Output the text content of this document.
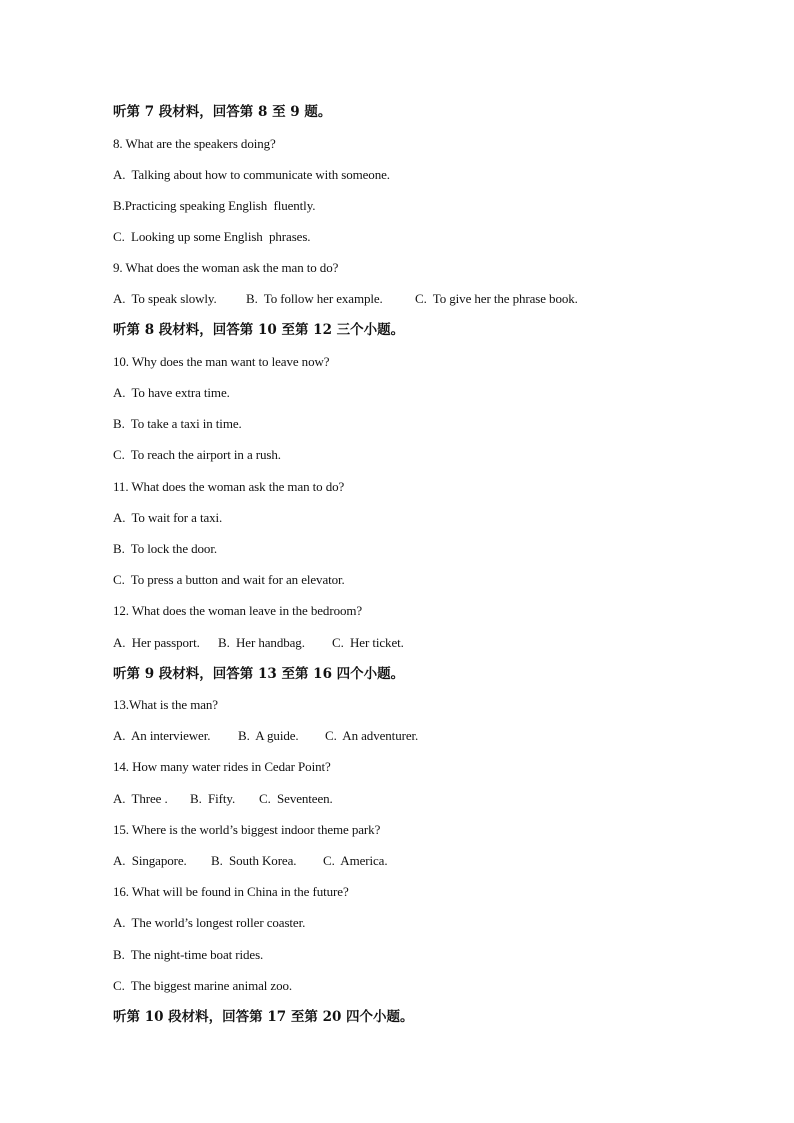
听第 7 段材料，回答第 8 至 9 题。
8. What are the speakers doing?
A.  Talking about how to communicate with someone.
B.Practicing speaking English  fluently.
C.  Looking up some English  phrases.
9. What does the woman ask the man to do?

A.  To speak slowly.

B.  To follow her example.

C.  To give her the phrase book.

听第 8 段材料，回答第 10 至第 12 三个小题。
10. Why does the man want to leave now?
A.  To have extra time.
B.  To take a taxi in time.
C.  To reach the airport in a rush.
11. What does the woman ask the man to do?
A.  To wait for a taxi.
B.  To lock the door.
C.  To press a button and wait for an elevator.
12. What does the woman leave in the bedroom?

A.  Her passport.

B.  Her handbag.

C.  Her ticket.

听第 9 段材料，回答第 13 至第 16 四个小题。
13.What is the man?

A.  An interviewer.

B.  A guide.

C.  An adventurer.

14. How many water rides in Cedar Point?

A.  Three .

B.  Fifty.

C.  Seventeen.

15. Where is the world’s biggest indoor theme park?

A.  Singapore.

B.  South Korea.

C.  America.

16. What will be found in China in the future?
A.  The world’s longest roller coaster.
B.  The night-time boat rides.
C.  The biggest marine animal zoo.
听第 10 段材料，回答第 17 至第 20 四个小题。
